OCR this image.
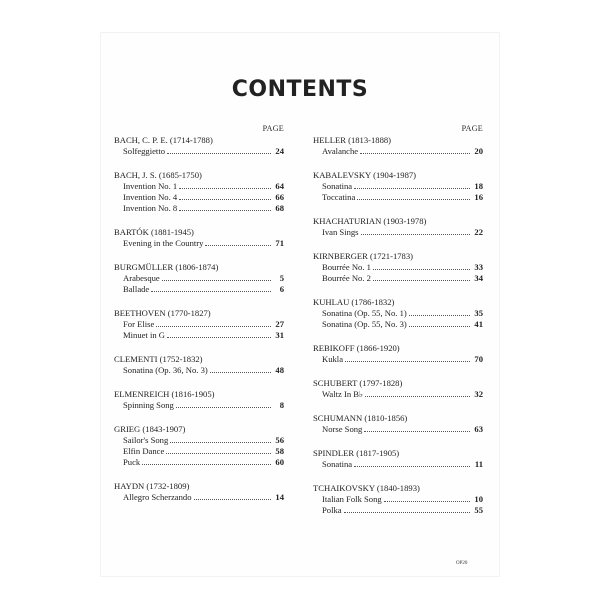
CONTENTS
PAGE
BACH, C. P. E. (1714-1788)
Solfeggietto	24
BACH, J. S. (1685-1750)
Invention No. 1	64
Invention No. 4	66
Invention No. 8	68
BARTÓK (1881-1945)
Evening in the Country	71
BURGMÜLLER (1806-1874)
Arabesque	5
Ballade	6
BEETHOVEN (1770-1827)
For Elise	27
Minuet in G	31
CLEMENTI (1752-1832)
Sonatina (Op. 36, No. 3)	48
ELMENREICH (1816-1905)
Spinning Song	8
GRIEG (1843-1907)
Sailor's Song	56
Elfin Dance	58
Puck	60
HAYDN (1732-1809)
Allegro Scherzando	14
PAGE
HELLER (1813-1888)
Avalanche	20
KABALEVSKY (1904-1987)
Sonatina	18
Toccatina	16
KHACHATURIAN (1903-1978)
Ivan Sings	22
KIRNBERGER (1721-1783)
Bourrée No. 1	33
Bourrée No. 2	34
KUHLAU (1786-1832)
Sonatina (Op. 55, No. 1)	35
Sonatina (Op. 55, No. 3)	41
REBIKOFF (1866-1920)
Kukla	70
SCHUBERT (1797-1828)
Waltz In B♭	32
SCHUMANN (1810-1856)
Norse Song	63
SPINDLER (1817-1905)
Sonatina	11
TCHAIKOVSKY (1840-1893)
Italian Folk Song	10
Polka	55
OP20
